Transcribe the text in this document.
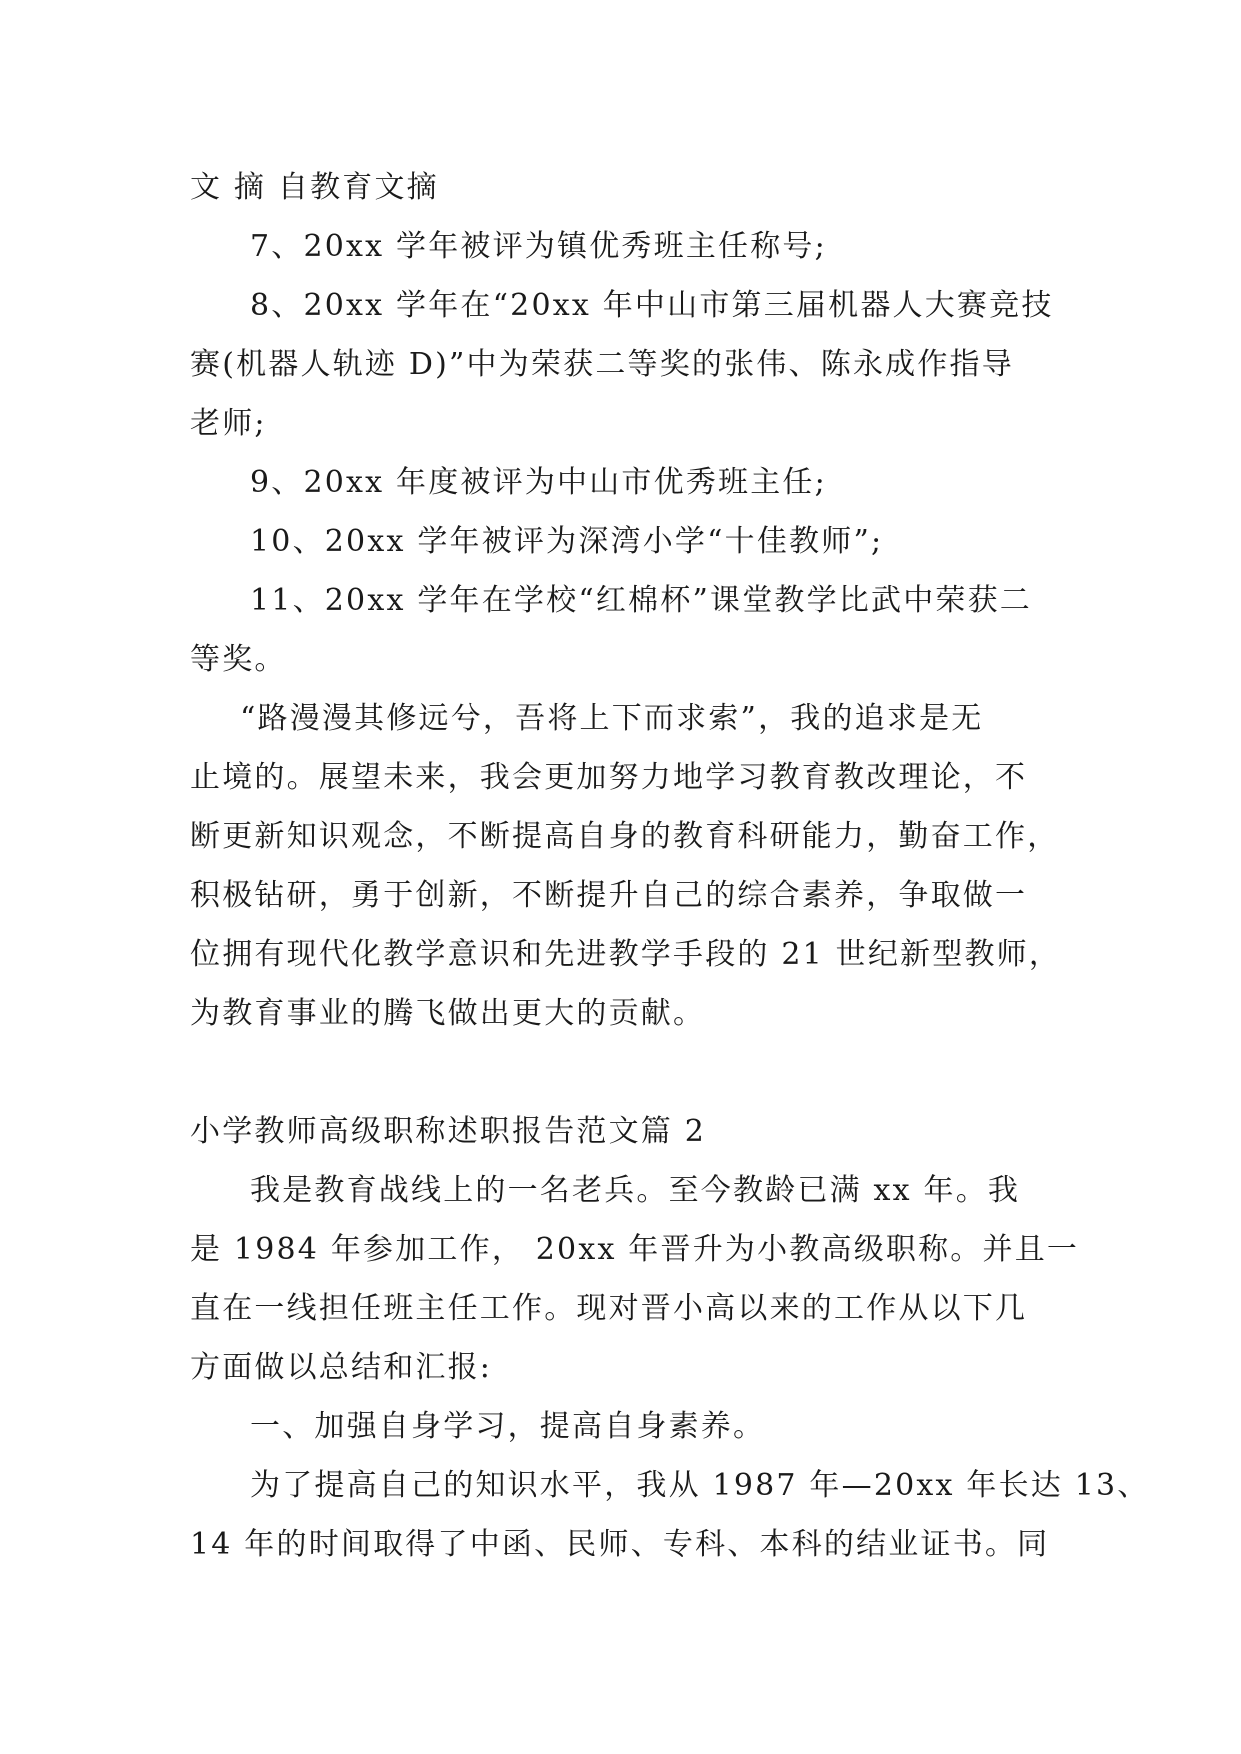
文 摘 自教育文摘
7、20xx 学年被评为镇优秀班主任称号;
8、20xx 学年在“20xx 年中山市第三届机器人大赛竞技
赛(机器人轨迹 D)”中为荣获二等奖的张伟、陈永成作指导
老师;
9、20xx 年度被评为中山市优秀班主任;
10、20xx 学年被评为深湾小学“十佳教师”;
11、20xx 学年在学校“红棉杯”课堂教学比武中荣获二
等奖。
“路漫漫其修远兮，吾将上下而求索”，我的追求是无
止境的。展望未来，我会更加努力地学习教育教改理论，不
断更新知识观念，不断提高自身的教育科研能力，勤奋工作，
积极钻研，勇于创新，不断提升自己的综合素养，争取做一
位拥有现代化教学意识和先进教学手段的 21 世纪新型教师，
为教育事业的腾飞做出更大的贡献。
小学教师高级职称述职报告范文篇 2
我是教育战线上的一名老兵。至今教龄已满 xx 年。我
是 1984 年参加工作， 20xx 年晋升为小教高级职称。并且一
直在一线担任班主任工作。现对晋小高以来的工作从以下几
方面做以总结和汇报:
一、加强自身学习，提高自身素养。
为了提高自己的知识水平，我从 1987 年—20xx 年长达 13、
14 年的时间取得了中函、民师、专科、本科的结业证书。同
